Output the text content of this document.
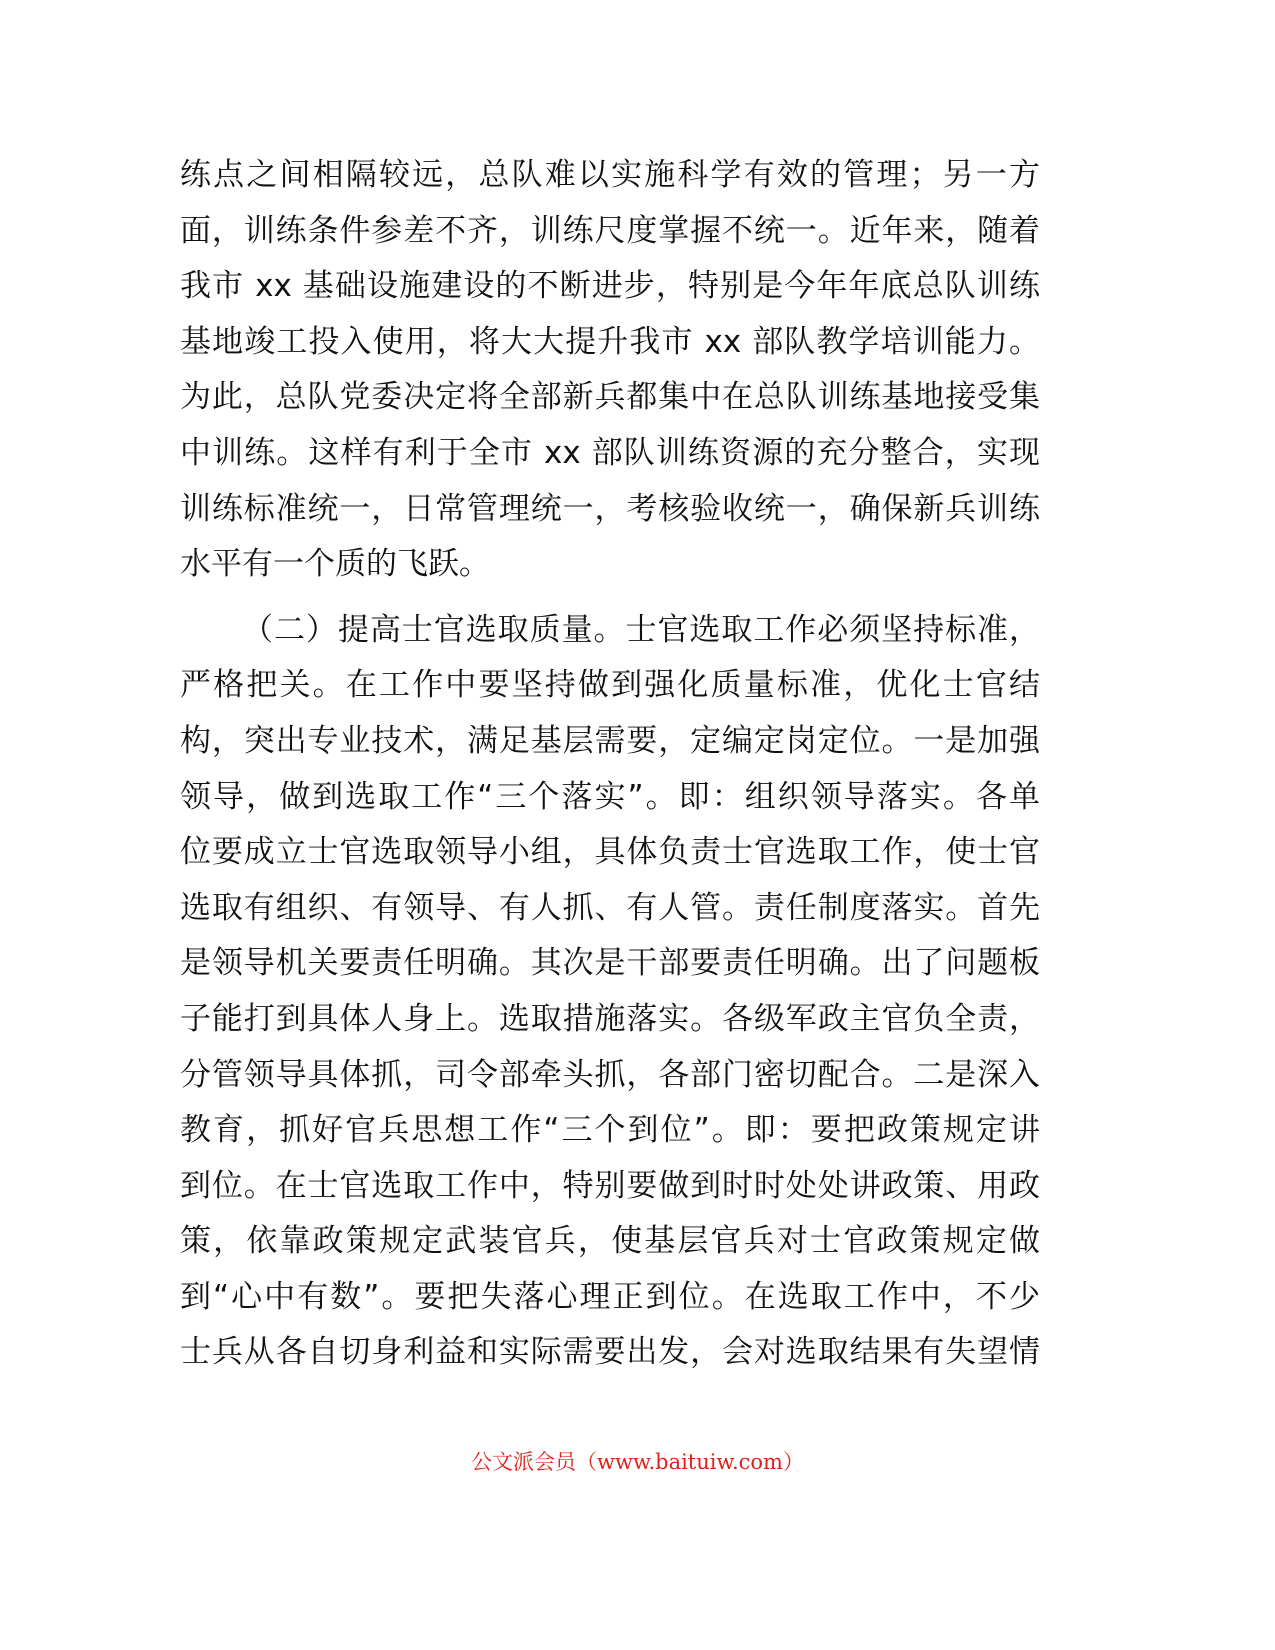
练点之间相隔较远，总队难以实施科学有效的管理；另一方
面，训练条件参差不齐，训练尺度掌握不统一。近年来，随着
我市 xx 基础设施建设的不断进步，特别是今年年底总队训练
基地竣工投入使用，将大大提升我市 xx 部队教学培训能力。
为此，总队党委决定将全部新兵都集中在总队训练基地接受集
中训练。这样有利于全市 xx 部队训练资源的充分整合，实现
训练标准统一，日常管理统一，考核验收统一，确保新兵训练
水平有一个质的飞跃。
（二）提高士官选取质量。士官选取工作必须坚持标准，
严格把关。在工作中要坚持做到强化质量标准，优化士官结
构，突出专业技术，满足基层需要，定编定岗定位。一是加强
领导，做到选取工作“三个落实”。即：组织领导落实。各单
位要成立士官选取领导小组，具体负责士官选取工作，使士官
选取有组织、有领导、有人抓、有人管。责任制度落实。首先
是领导机关要责任明确。其次是干部要责任明确。出了问题板
子能打到具体人身上。选取措施落实。各级军政主官负全责，
分管领导具体抓，司令部牵头抓，各部门密切配合。二是深入
教育，抓好官兵思想工作“三个到位”。即：要把政策规定讲
到位。在士官选取工作中，特别要做到时时处处讲政策、用政
策，依靠政策规定武装官兵，使基层官兵对士官政策规定做
到“心中有数”。要把失落心理正到位。在选取工作中，不少
士兵从各自切身利益和实际需要出发，会对选取结果有失望情
公文派会员（www.baituiw.com）
